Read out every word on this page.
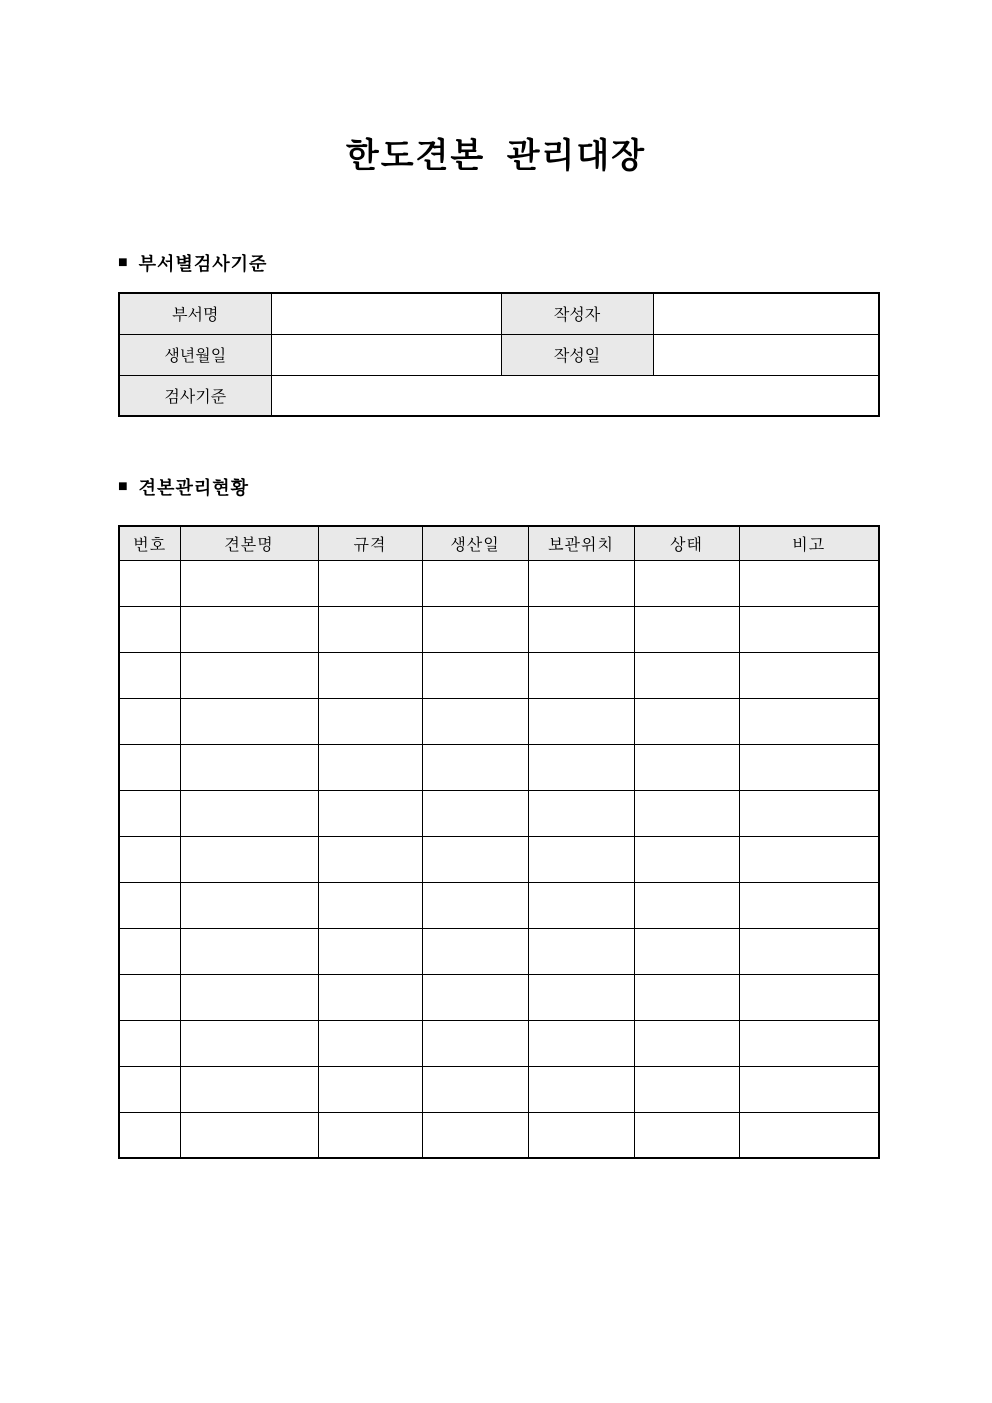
한도견본 관리대장
■ 부서별검사기준
부서명		작성자	
생년월일		작성일	
검사기준			
■ 견본관리현황
번호	견본명	규격	생산일	보관위치	상태	비고
